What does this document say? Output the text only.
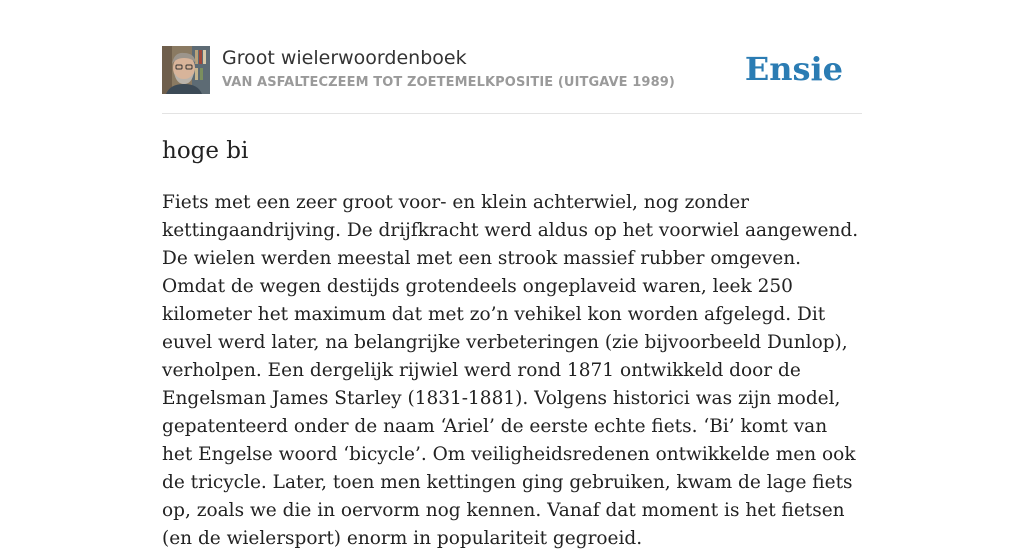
Groot wielerwoordenboek
VAN ASFALTECZEEM TOT ZOETEMELKPOSITIE (UITGAVE 1989) Ensie
hoge bi

Fiets met een zeer groot voor- en klein achterwiel, nog zonder kettingaandrijving. De drijfkracht werd aldus op het voorwiel aangewend. De wielen werden meestal met een strook massief rubber omgeven. Omdat de wegen destijds grotendeels ongeplaveid waren, leek 250 kilometer het maximum dat met zo’n vehikel kon worden afgelegd. Dit euvel werd later, na belangrijke verbeteringen (zie bijvoorbeeld Dunlop), verholpen. Een dergelijk rijwiel werd rond 1871 ontwikkeld door de Engelsman James Starley (1831-1881). Volgens historici was zijn model, gepatenteerd onder de naam ‘Ariel’ de eerste echte fiets. ‘Bi’ komt van het Engelse woord ‘bicycle’. Om veiligheidsredenen ontwikkelde men ook de tricycle. Later, toen men kettingen ging gebruiken, kwam de lage fiets op, zoals we die in oervorm nog kennen. Vanaf dat moment is het fietsen (en de wielersport) enorm in populariteit gegroeid.
